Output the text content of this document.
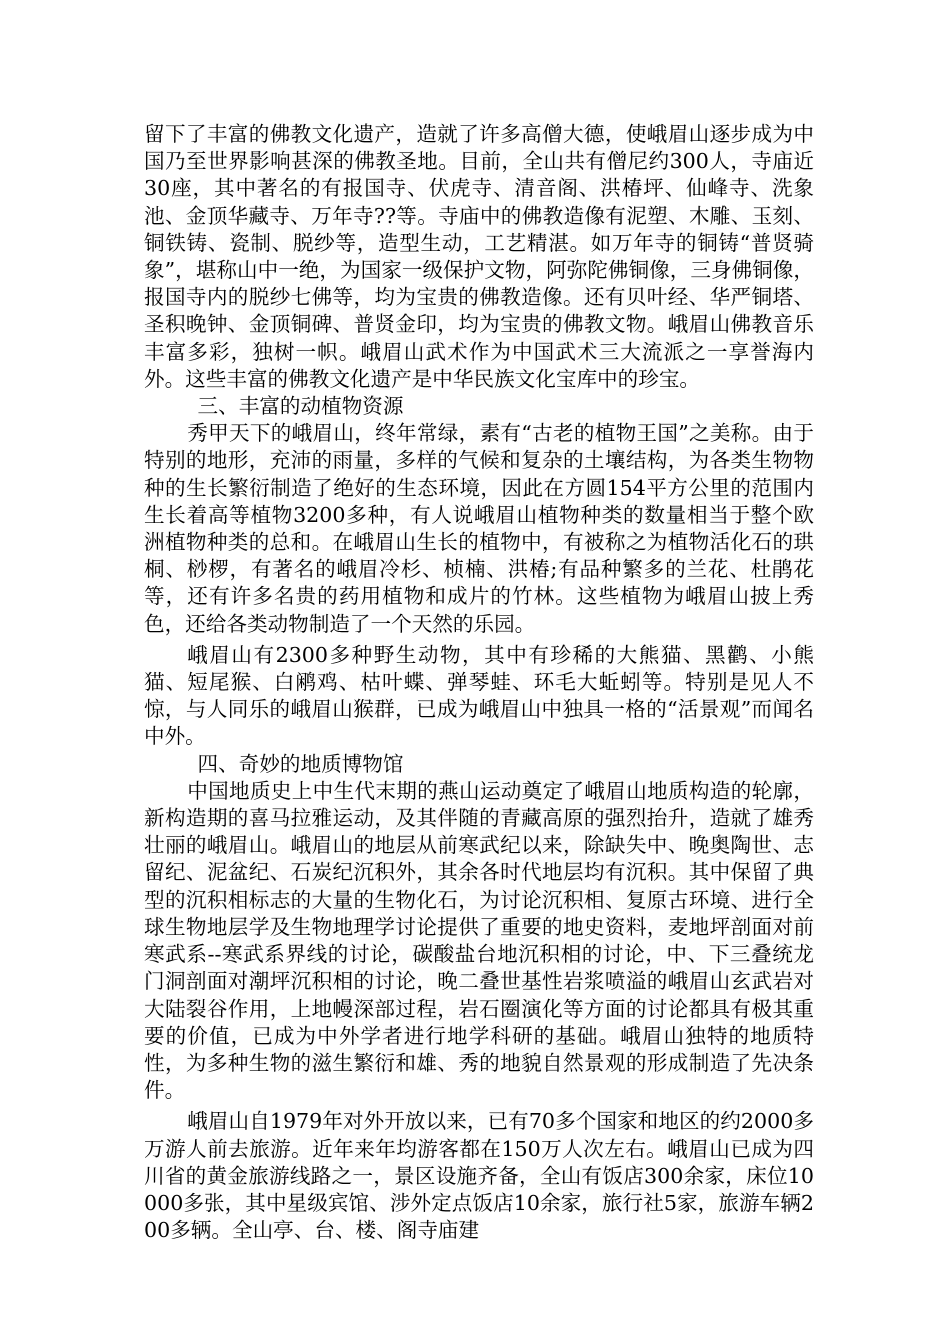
留下了丰富的佛教文化遗产，造就了许多高僧大德，使峨眉山逐步成为中国乃至世界影响甚深的佛教圣地。目前，全山共有僧尼约300人，寺庙近30座，其中著名的有报国寺、伏虎寺、清音阁、洪椿坪、仙峰寺、洗象池、金顶华藏寺、万年寺??等。寺庙中的佛教造像有泥塑、木雕、玉刻、铜铁铸、瓷制、脱纱等，造型生动，工艺精湛。如万年寺的铜铸“普贤骑象”，堪称山中一绝，为国家一级保护文物，阿弥陀佛铜像，三身佛铜像，报国寺内的脱纱七佛等，均为宝贵的佛教造像。还有贝叶经、华严铜塔、圣积晚钟、金顶铜碑、普贤金印，均为宝贵的佛教文物。峨眉山佛教音乐丰富多彩，独树一帜。峨眉山武术作为中国武术三大流派之一享誉海内外。这些丰富的佛教文化遗产是中华民族文化宝库中的珍宝。

三、丰富的动植物资源

秀甲天下的峨眉山，终年常绿，素有“古老的植物王国”之美称。由于特别的地形，充沛的雨量，多样的气候和复杂的土壤结构，为各类生物物种的生长繁衍制造了绝好的生态环境，因此在方圆154平方公里的范围内生长着高等植物3200多种，有人说峨眉山植物种类的数量相当于整个欧洲植物种类的总和。在峨眉山生长的植物中，有被称之为植物活化石的珙桐、桫椤，有著名的峨眉冷杉、桢楠、洪椿;有品种繁多的兰花、杜鹃花等，还有许多名贵的药用植物和成片的竹林。这些植物为峨眉山披上秀色，还给各类动物制造了一个天然的乐园。

峨眉山有2300多种野生动物，其中有珍稀的大熊猫、黑鹳、小熊猫、短尾猴、白鹇鸡、枯叶蝶、弹琴蛙、环毛大蚯蚓等。特别是见人不惊，与人同乐的峨眉山猴群，已成为峨眉山中独具一格的“活景观”而闻名中外。

四、奇妙的地质博物馆

中国地质史上中生代末期的燕山运动奠定了峨眉山地质构造的轮廓，新构造期的喜马拉雅运动，及其伴随的青藏高原的强烈抬升，造就了雄秀壮丽的峨眉山。峨眉山的地层从前寒武纪以来，除缺失中、晚奥陶世、志留纪、泥盆纪、石炭纪沉积外，其余各时代地层均有沉积。其中保留了典型的沉积相标志的大量的生物化石，为讨论沉积相、复原古环境、进行全球生物地层学及生物地理学讨论提供了重要的地史资料，麦地坪剖面对前寒武系--寒武系界线的讨论，碳酸盐台地沉积相的讨论，中、下三叠统龙门洞剖面对潮坪沉积相的讨论，晚二叠世基性岩浆喷溢的峨眉山玄武岩对大陆裂谷作用，上地幔深部过程，岩石圈演化等方面的讨论都具有极其重要的价值，已成为中外学者进行地学科研的基础。峨眉山独特的地质特性，为多种生物的滋生繁衍和雄、秀的地貌自然景观的形成制造了先决条件。

峨眉山自1979年对外开放以来，已有70多个国家和地区的约2000多万游人前去旅游。近年来年均游客都在150万人次左右。峨眉山已成为四川省的黄金旅游线路之一，景区设施齐备，全山有饭店300余家，床位10000多张，其中星级宾馆、涉外定点饭店10余家，旅行社5家，旅游车辆200多辆。全山亭、台、楼、阁寺庙建
